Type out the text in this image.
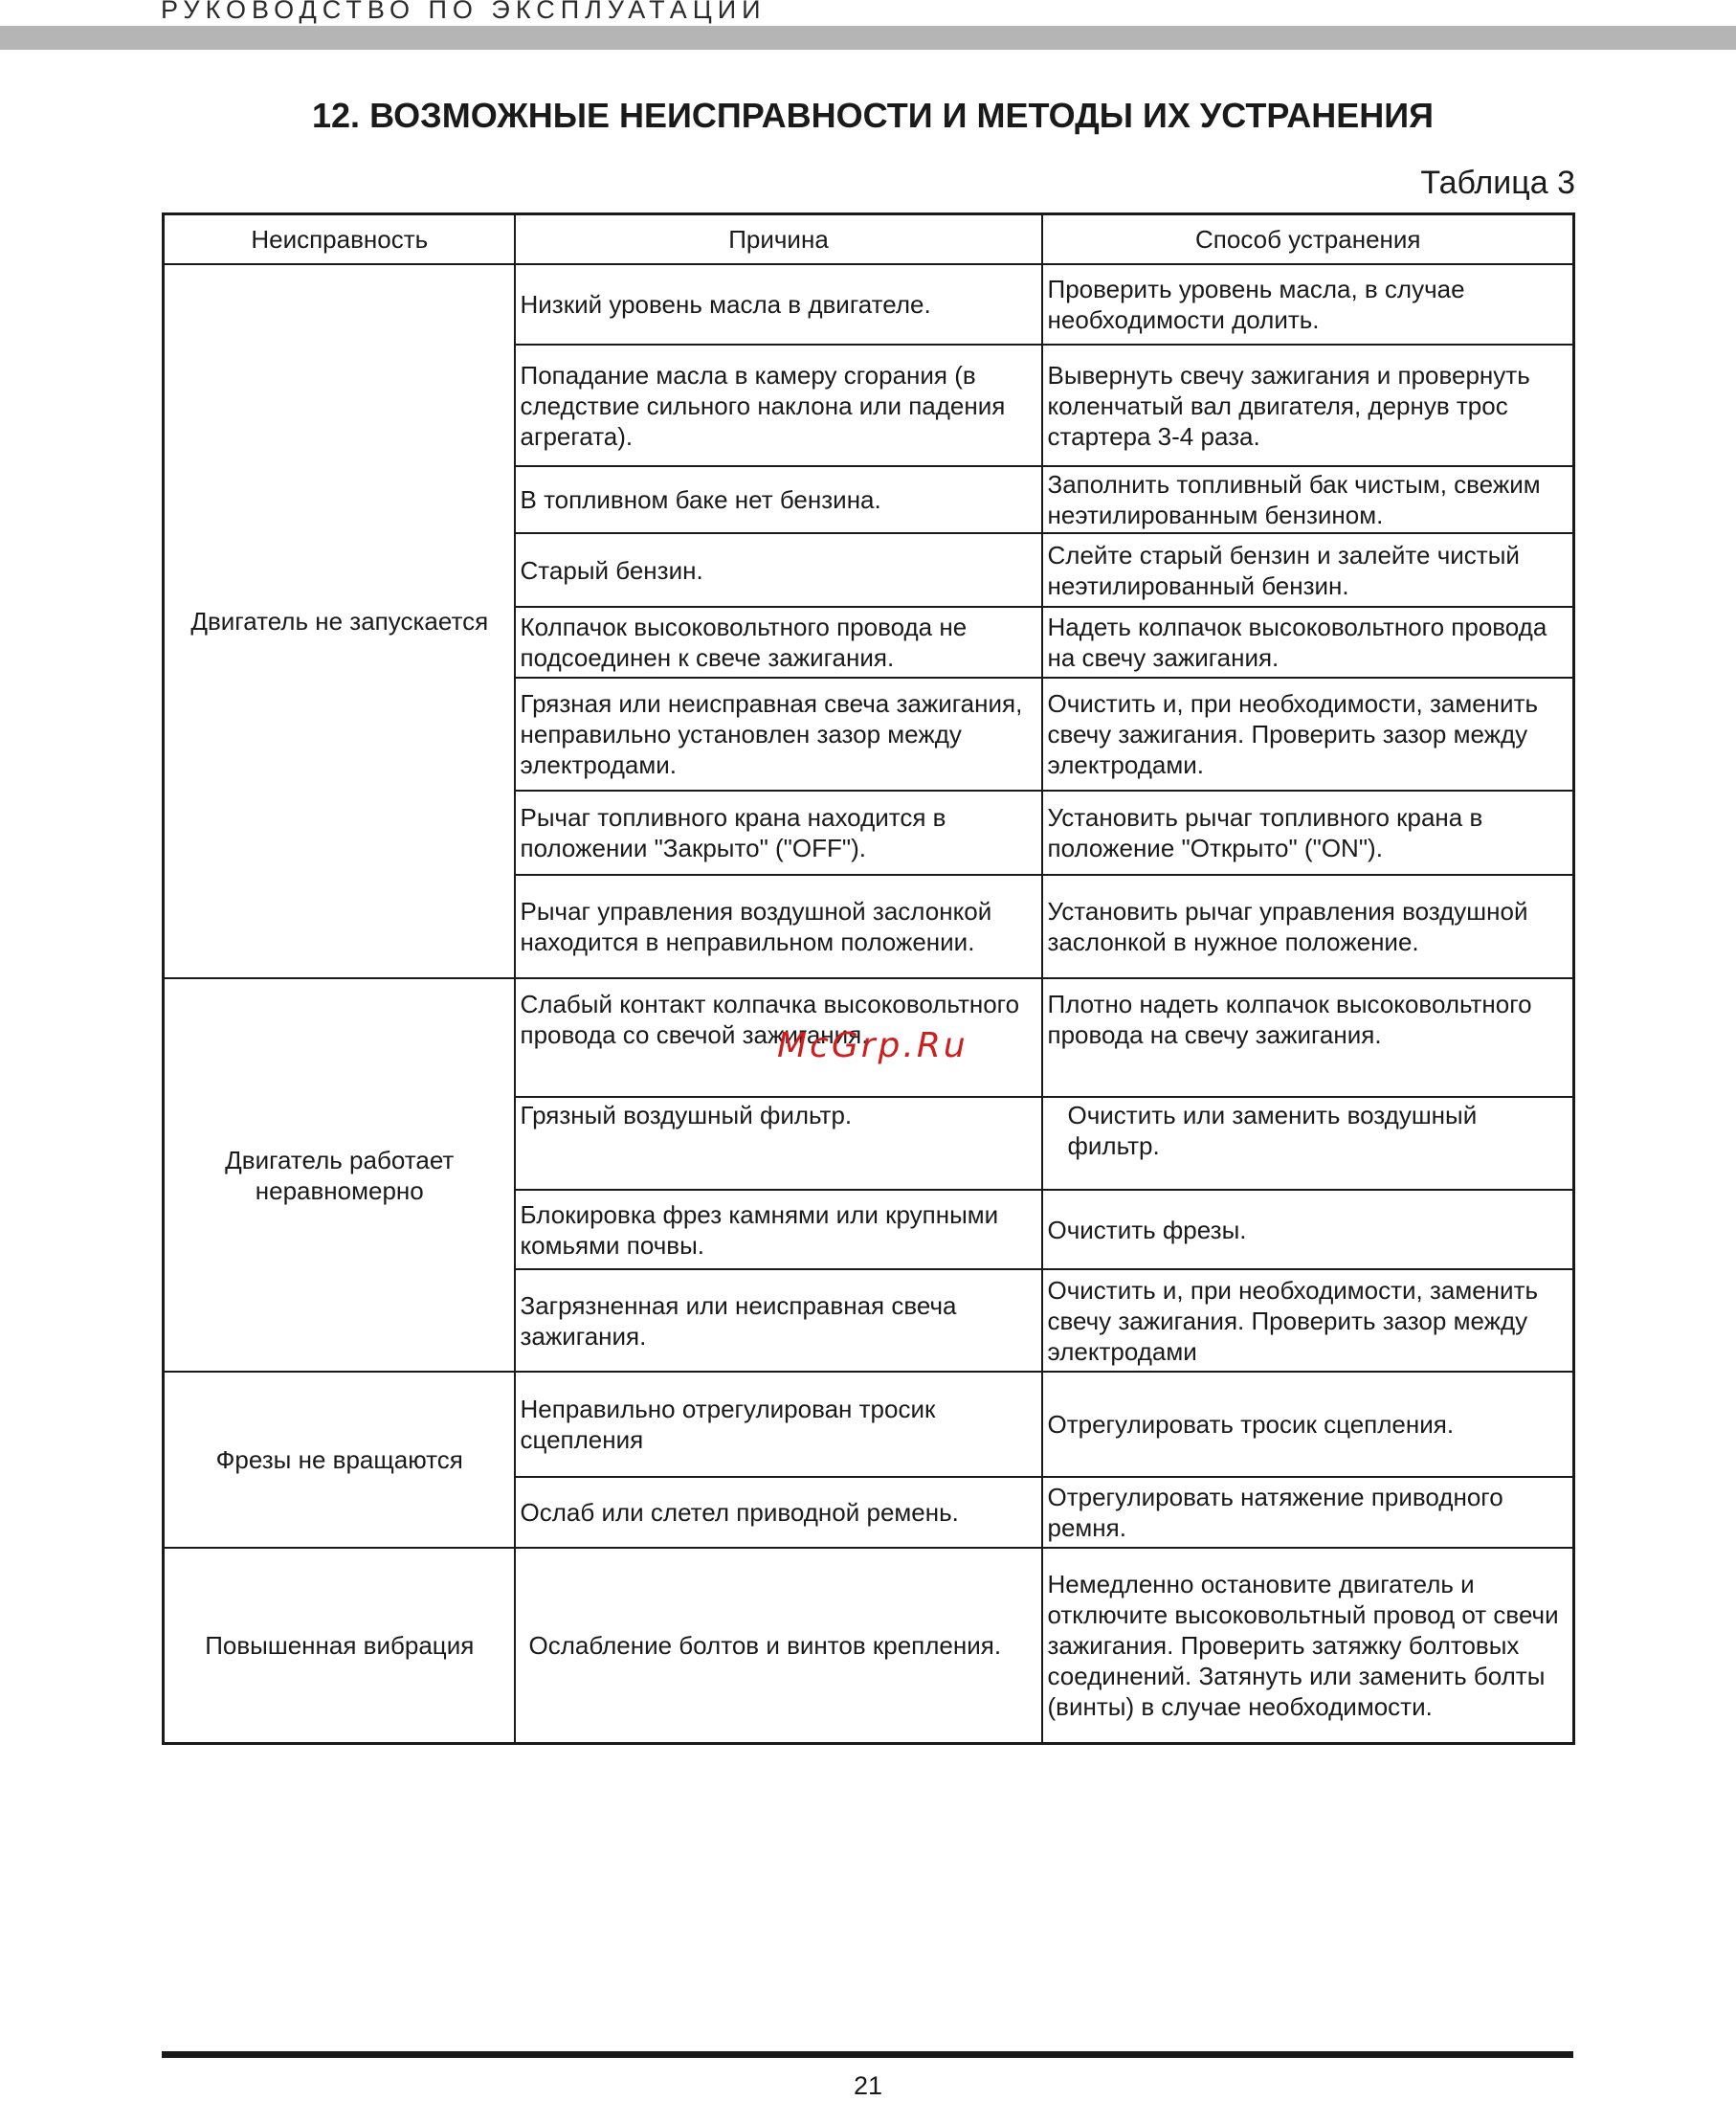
РУКОВОДСТВО ПО ЭКСПЛУАТАЦИИ
12. ВОЗМОЖНЫЕ НЕИСПРАВНОСТИ И МЕТОДЫ ИХ УСТРАНЕНИЯ
Таблица 3
Неисправность	Причина	Способ устранения
Двигатель не запускается	Низкий уровень масла в двигателе.	Проверить уровень масла, в случае необходимости долить.
	Попадание масла в камеру сгорания (в следствие сильного наклона или падения агрегата).	Вывернуть свечу зажигания и провернуть коленчатый вал двигателя, дернув трос стартера 3-4 раза.
	В топливном баке нет бензина.	Заполнить топливный бак чистым, свежим неэтилированным бензином.
	Старый бензин.	Слейте старый бензин и залейте чистый неэтилированный бензин.
	Колпачок высоковольтного провода не подсоединен к свече зажигания.	Надеть колпачок высоковольтного провода на свечу зажигания.
	Грязная или неисправная свеча зажигания, неправильно установлен зазор между электродами.	Очистить и, при необходимости, заменить свечу зажигания. Проверить зазор между электродами.
	Рычаг топливного крана находится в положении "Закрыто" ("OFF").	Установить рычаг топливного крана в положение "Открыто" ("ON").
	Рычаг управления воздушной заслонкой находится в неправильном положении.	Установить рычаг управления воздушной заслонкой в нужное положение.
Двигатель работает неравномерно	Слабый контакт колпачка высоковольтного провода со свечой зажигания.	Плотно надеть колпачок высоковольтного провода на свечу зажигания.
	Грязный воздушный фильтр.	Очистить или заменить воздушный фильтр.
	Блокировка фрез камнями или крупными комьями почвы.	Очистить фрезы.
	Загрязненная или неисправная свеча зажигания.	Очистить и, при необходимости, заменить свечу зажигания. Проверить зазор между электродами
Фрезы не вращаются	Неправильно отрегулирован тросик сцепления	Отрегулировать тросик сцепления.
	Ослаб или слетел приводной ремень.	Отрегулировать натяжение приводного ремня.
Повышенная вибрация	Ослабление болтов и винтов крепления.	Немедленно остановите двигатель и отключите высоковольтный провод от свечи зажигания. Проверить затяжку болтовых соединений. Затянуть или заменить болты (винты) в случае необходимости.
McGrp.Ru
21
